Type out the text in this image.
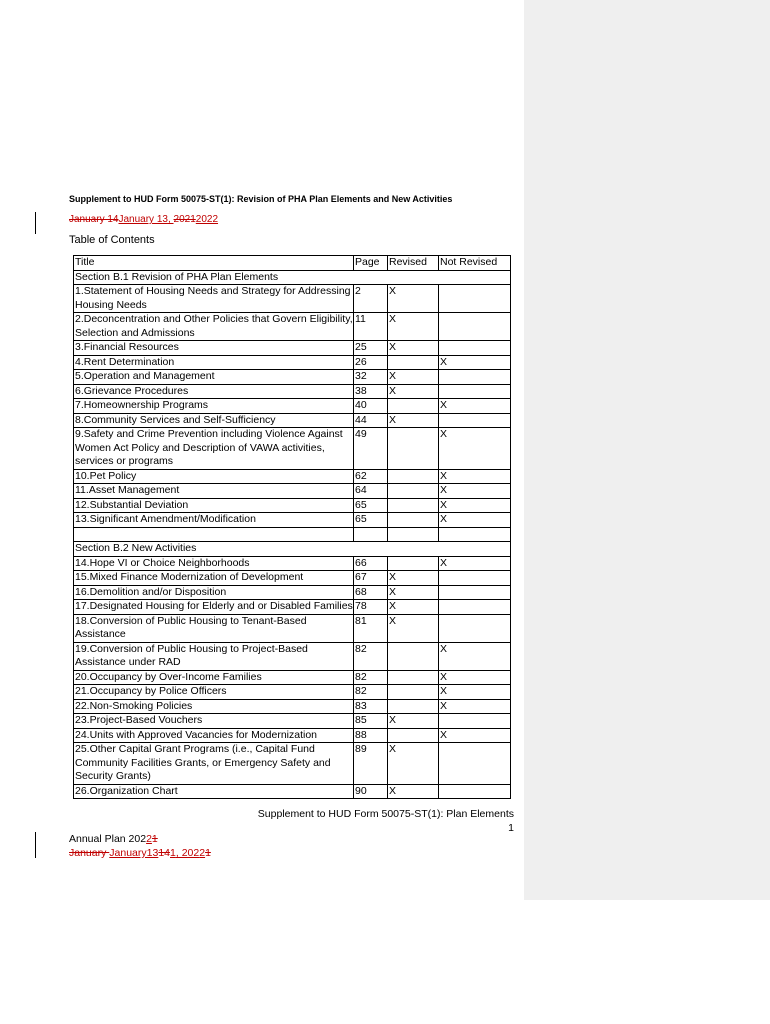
Supplement to HUD Form 50075-ST(1): Revision of PHA Plan Elements and New Activities
January 14January 13, 20212022
Table of Contents
Title	Page	Revised	Not Revised
Section B.1 Revision of PHA Plan Elements			
1.Statement of Housing Needs and Strategy for Addressing Housing Needs	2	X	
2.Deconcentration and Other Policies that Govern Eligibility, Selection and Admissions	11	X	
3.Financial Resources	25	X	
4.Rent Determination	26		X
5.Operation and Management	32	X	
6.Grievance Procedures	38	X	
7.Homeownership Programs	40		X
8.Community Services and Self-Sufficiency	44	X	
9.Safety and Crime Prevention including Violence Against Women Act Policy and Description of VAWA activities, services or programs	49		X
10.Pet Policy	62		X
11.Asset Management	64		X
12.Substantial Deviation	65		X
13.Significant Amendment/Modification	65		X

Section B.2 New Activities			
14.Hope VI or Choice Neighborhoods	66		X
15.Mixed Finance Modernization of Development	67	X	
16.Demolition and/or Disposition	68	X	
17.Designated Housing for Elderly and or Disabled Families	78	X	
18.Conversion of Public Housing to Tenant-Based Assistance	81	X	
19.Conversion of Public Housing to Project-Based Assistance under RAD	82		X
20.Occupancy by Over-Income Families	82		X
21.Occupancy by Police Officers	82		X
22.Non-Smoking Policies	83		X
23.Project-Based Vouchers	85	X	
24.Units with Approved Vacancies for Modernization	88		X
25.Other Capital Grant Programs (i.e., Capital Fund Community Facilities Grants, or Emergency Safety and Security Grants)	89	X	
26.Organization Chart	90	X	
Supplement to HUD Form 50075-ST(1): Plan Elements
1
Annual Plan 20221
January January13141, 20221
